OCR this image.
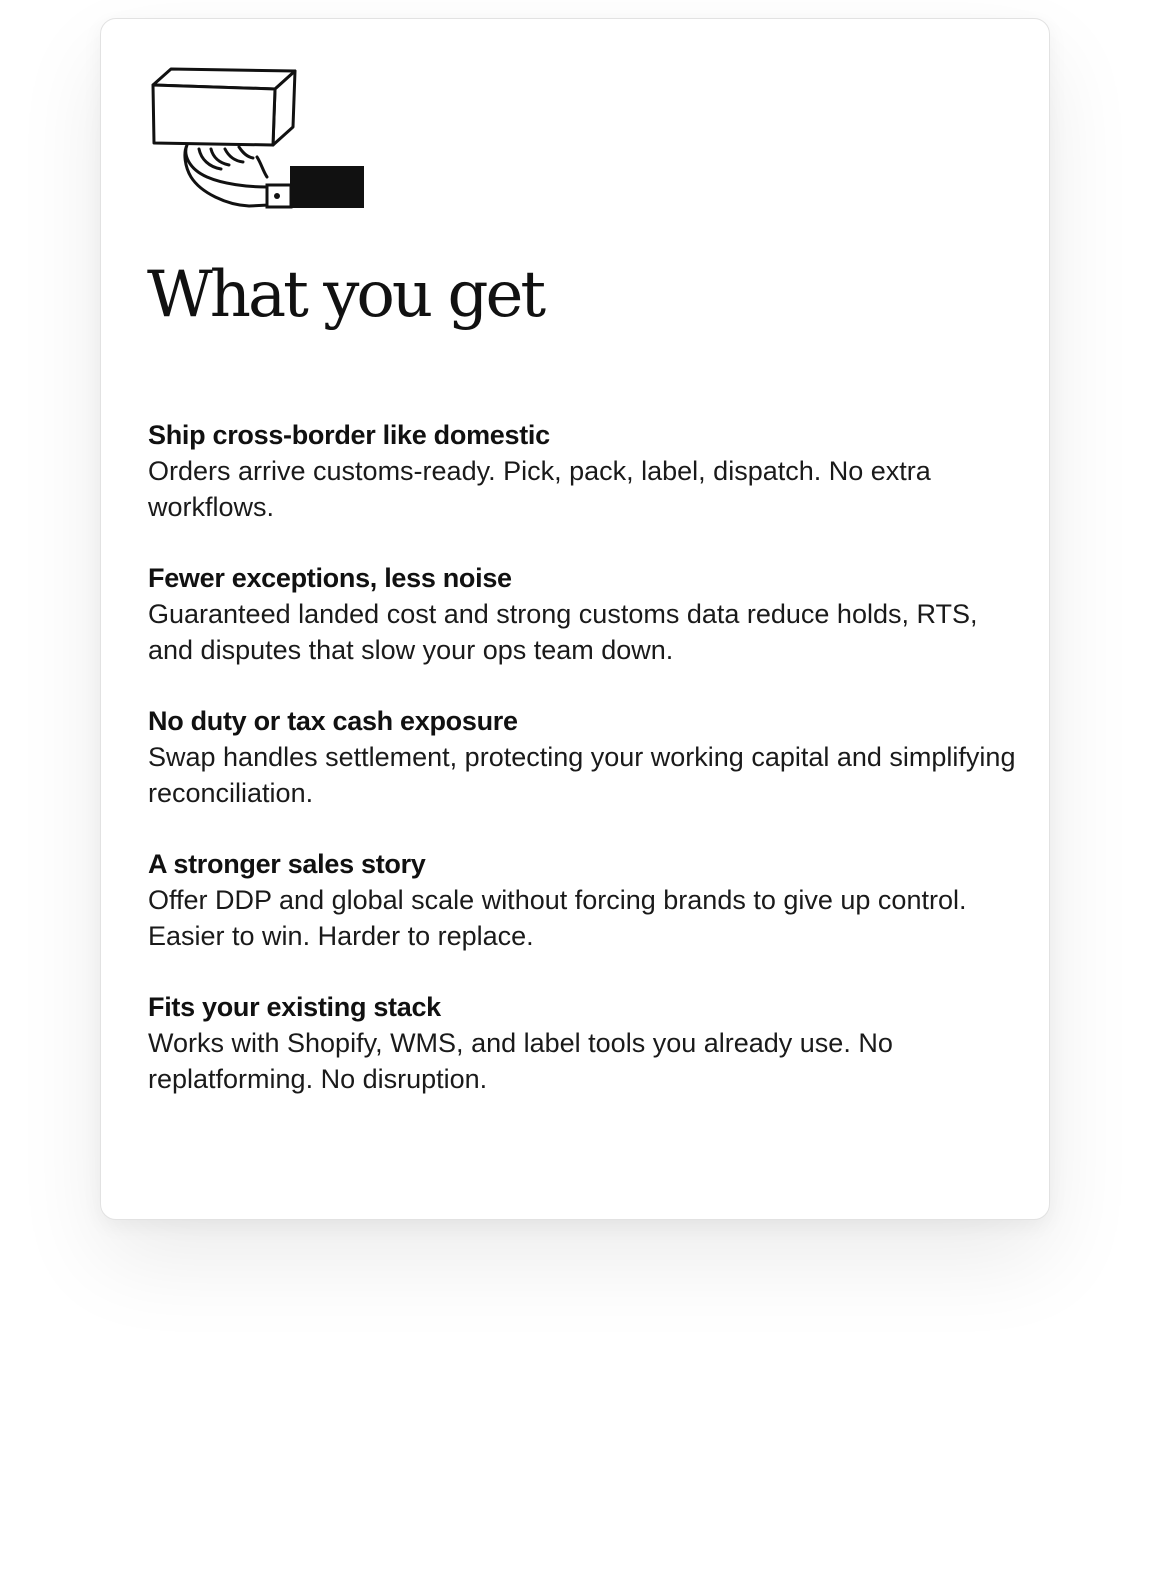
What you get
Ship cross-border like domestic
Orders arrive customs-ready. Pick, pack, label, dispatch. No extra workflows.
Fewer exceptions, less noise
Guaranteed landed cost and strong customs data reduce holds, RTS, and disputes that slow your ops team down.
No duty or tax cash exposure
Swap handles settlement, protecting your working capital and simplifying reconciliation.
A stronger sales story
Offer DDP and global scale without forcing brands to give up control. Easier to win. Harder to replace.
Fits your existing stack
Works with Shopify, WMS, and label tools you already use. No replatforming. No disruption.
